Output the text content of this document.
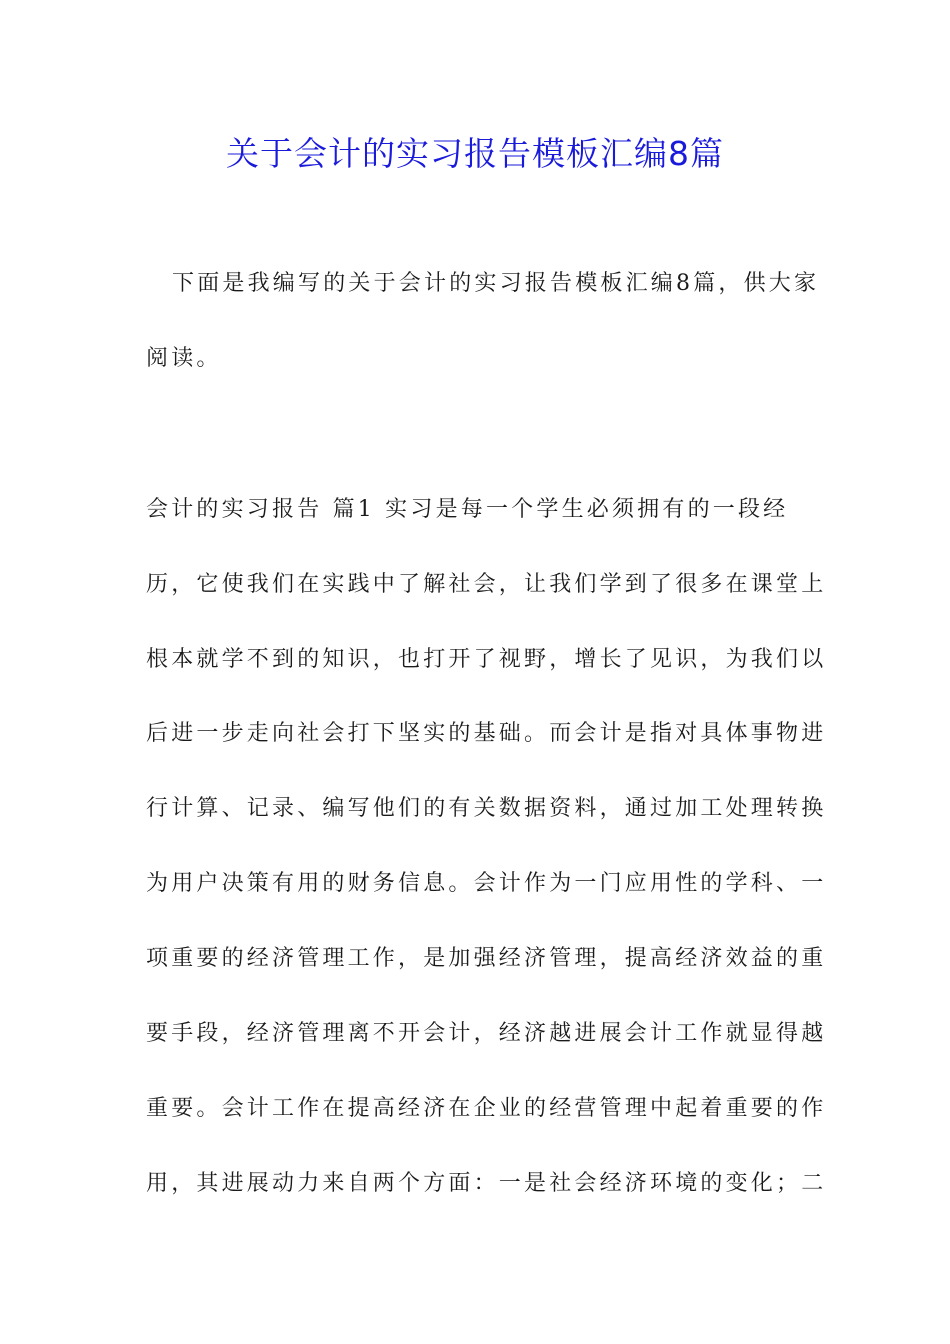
关于会计的实习报告模板汇编8篇

下面是我编写的关于会计的实习报告模板汇编8篇，供大家

阅读。

会计的实习报告 篇1 实习是每一个学生必须拥有的一段经

历，它使我们在实践中了解社会，让我们学到了很多在课堂上

根本就学不到的知识，也打开了视野，增长了见识，为我们以

后进一步走向社会打下坚实的基础。而会计是指对具体事物进

行计算、记录、编写他们的有关数据资料，通过加工处理转换

为用户决策有用的财务信息。会计作为一门应用性的学科、一

项重要的经济管理工作，是加强经济管理，提高经济效益的重

要手段，经济管理离不开会计，经济越进展会计工作就显得越

重要。会计工作在提高经济在企业的经营管理中起着重要的作

用，其进展动力来自两个方面：一是社会经济环境的变化；二
